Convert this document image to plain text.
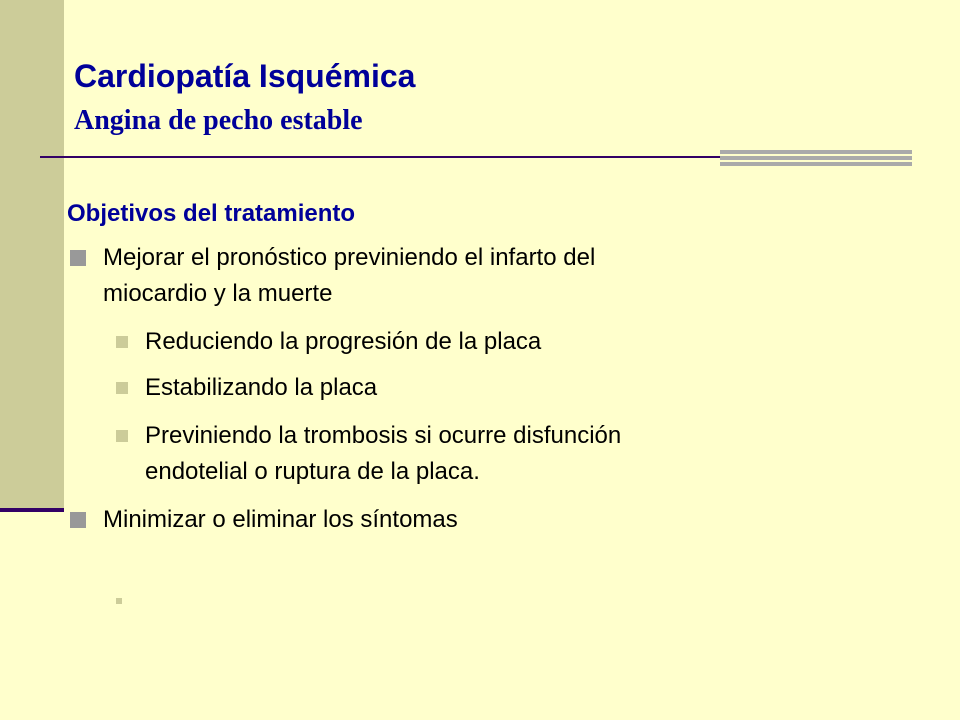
Cardiopatía Isquémica
Angina de pecho estable
Objetivos del tratamiento
Mejorar el pronóstico previniendo el infarto del
miocardio y la muerte
Reduciendo la progresión de la placa
Estabilizando la placa
Previniendo la trombosis si ocurre disfunción
endotelial o ruptura de la placa.
Minimizar o eliminar los síntomas
